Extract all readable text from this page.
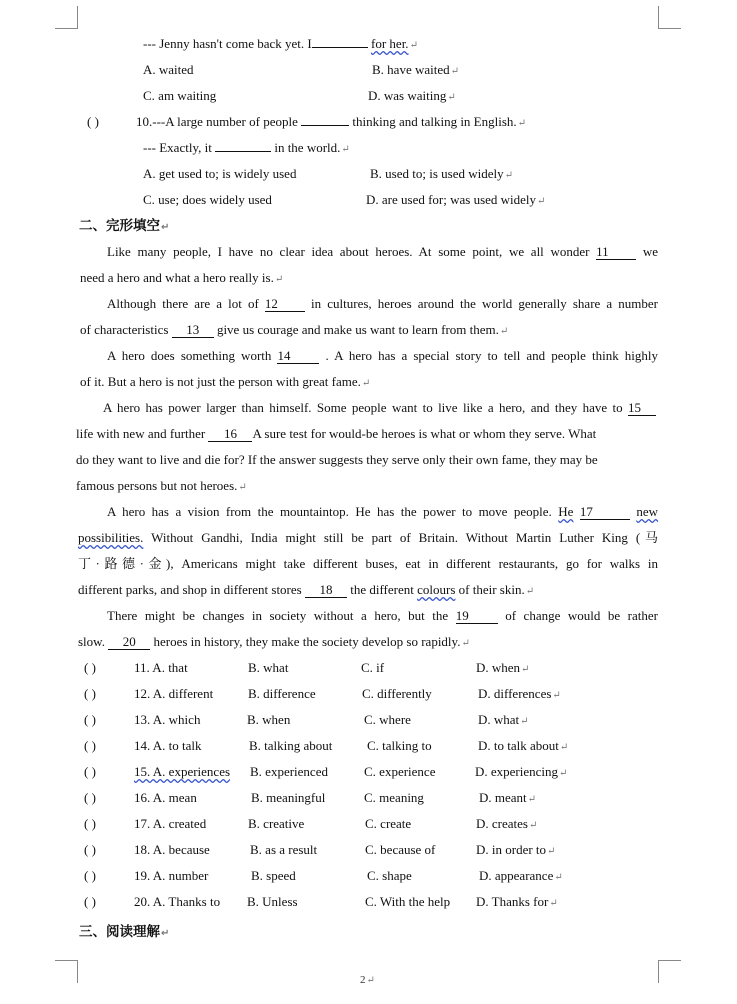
--- Jenny hasn't come back yet. I	for her.↵
A. waited	B. have waited↵
C. am waiting	D. was waiting↵
( )	10.---A large number of people	thinking and talking in English.↵
--- Exactly, it	in the world.↵
A. get used to; is widely used	B. used to; is used widely↵
C. use; does widely used	D. are used for; was used widely↵
二、完形填空↵
Like many people, I have no clear idea about heroes. At some point, we all wonder 11	we
need a hero and what a hero really is.↵
Although there are a lot of 12	in cultures, heroes around the world generally share a number
of characteristics 13 give us courage and make us want to learn from them.↵
A hero does something worth 14	. A hero has a special story to tell and people think highly
of it. But a hero is not just the person with great fame.↵
A hero has power larger than himself. Some people want to live like a hero, and they have to 15
life with new and further 16 A sure test for would-be heroes is what or whom they serve. What
do they want to live and die for? If the answer suggests they serve only their own fame, they may be
famous persons but not heroes.↵
A hero has a vision from the mountaintop. He has the power to move people. He 17	new
possibilities. Without Gandhi, India might still be part of Britain. Without Martin Luther King (马
丁·路德·金), Americans might take different buses, eat in different restaurants, go for walks in
different parks, and shop in different stores 18 the different colours of their skin.↵
There might be changes in society without a hero, but the 19	of change would be rather
slow. 20 heroes in history, they make the society develop so rapidly.↵
( )	11. A. that	B. what	C. if	D. when↵
( )	12. A. different	B. difference	C. differently	D. differences↵
( )	13. A. which	B. when	C. where	D. what↵
( )	14. A. to talk	B. talking about	C. talking to	D. to talk about↵
( )	15. A. experiences B. experienced	C. experience	D. experiencing↵
( )	16. A. mean	B. meaningful	C. meaning	D. meant↵
( )	17. A. created	B. creative	C. create	D. creates↵
( )	18. A. because	B. as a result	C. because of	D. in order to↵
( )	19. A. number	B. speed	C. shape	D. appearance↵
( )	20. A. Thanks to B. Unless	C. With the help D. Thanks for↵
三、阅读理解↵
2↵
